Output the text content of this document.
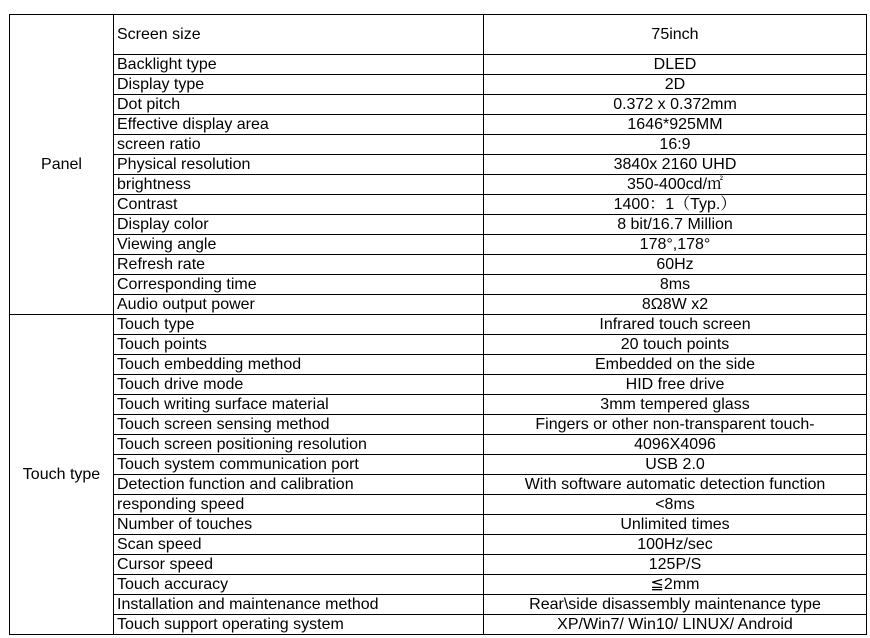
Panel	Screen size	75inch
	Backlight type	DLED
	Display type	2D
	Dot pitch	0.372 x 0.372mm
	Effective display area	1646*925MM
	screen ratio	16:9
	Physical resolution	3840x 2160 UHD
	brightness	350-400cd/㎡
	Contrast	1400：1（Typ.）
	Display color	8 bit/16.7 Million
	Viewing angle	178°,178°
	Refresh rate	60Hz
	Corresponding time	8ms
	Audio output power	8Ω8W x2
Touch type	Touch type	Infrared touch screen
	Touch points	20 touch points
	Touch embedding method	Embedded on the side
	Touch drive mode	HID free drive
	Touch writing surface material	3mm tempered glass
	Touch screen sensing method	Fingers or other non-transparent touch-
	Touch screen positioning resolution	4096X4096
	Touch system communication port	USB 2.0
	Detection function and calibration	With software automatic detection function
	responding speed	<8ms
	Number of touches	Unlimited times
	Scan speed	100Hz/sec
	Cursor speed	125P/S
	Touch accuracy	≦2mm
	Installation and maintenance method	Rear\side disassembly maintenance type
	Touch support operating system	XP/Win7/ Win10/ LINUX/ Android
